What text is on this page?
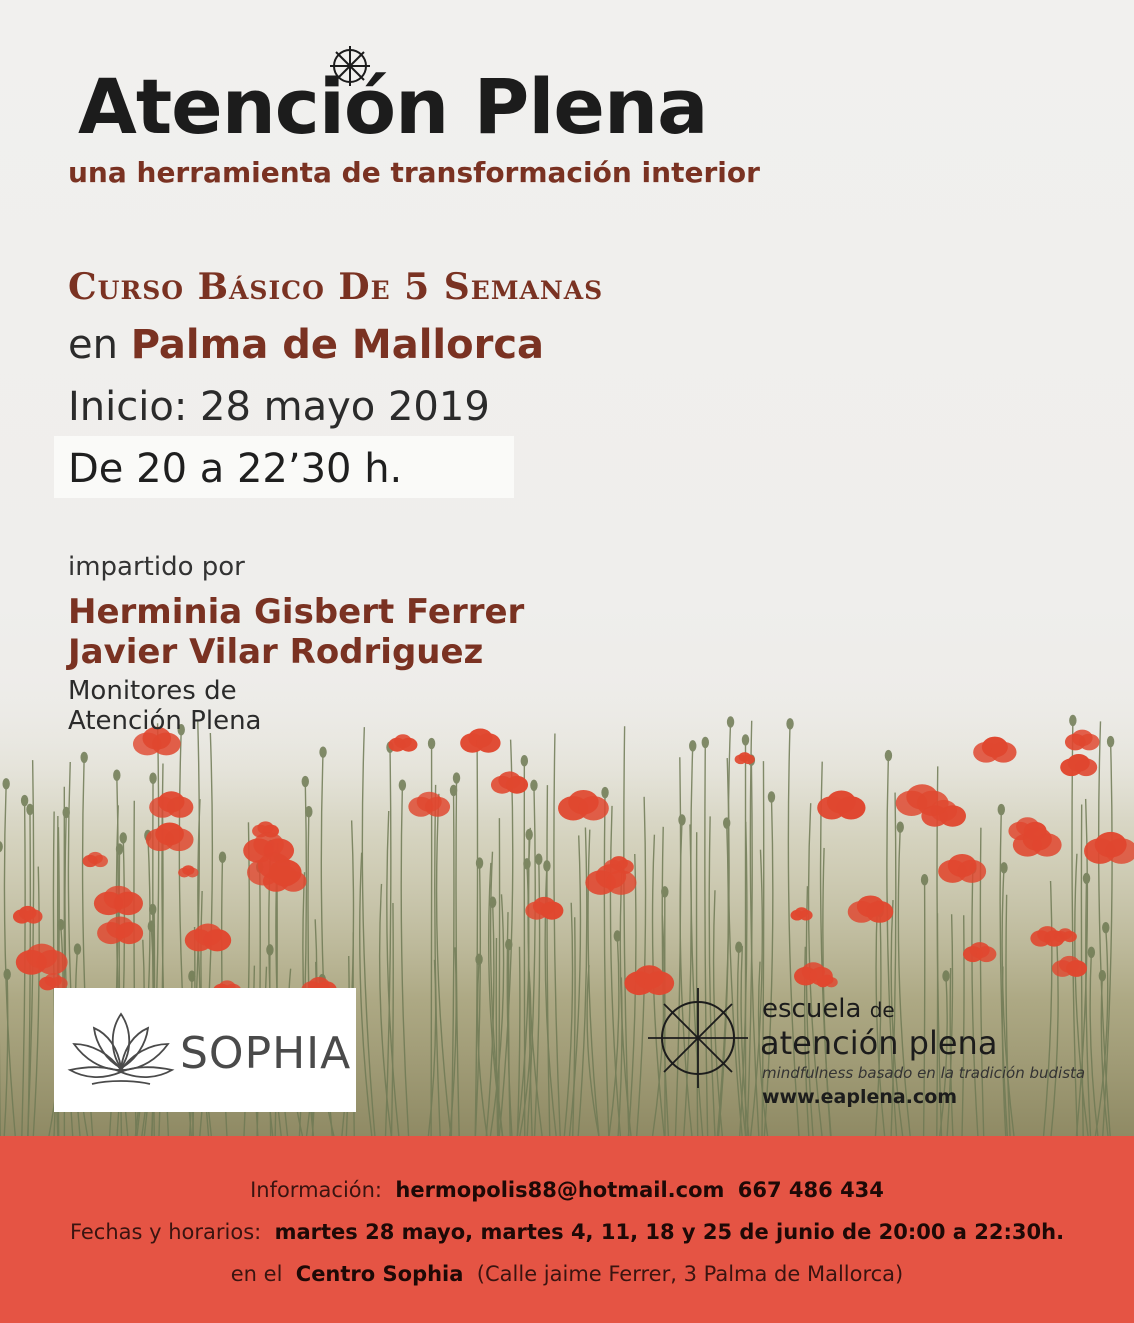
Atención Plena
una herramienta de transformación interior
Curso Básico De 5 Semanas
en Palma de Mallorca
Inicio: 28 mayo 2019
De 20 a 22’30 h.
impartido por
Herminia Gisbert Ferrer
Javier Vilar Rodriguez
Monitores de
Atención Plena
SOPHIA
escuela de
atención plena
mindfulness basado en la tradición budista
www.eaplena.com
Información: hermopolis88@hotmail.com 667 486 434
Fechas y horarios: martes 28 mayo, martes 4, 11, 18 y 25 de junio de 20:00 a 22:30h.
en el Centro Sophia (Calle jaime Ferrer, 3 Palma de Mallorca)
